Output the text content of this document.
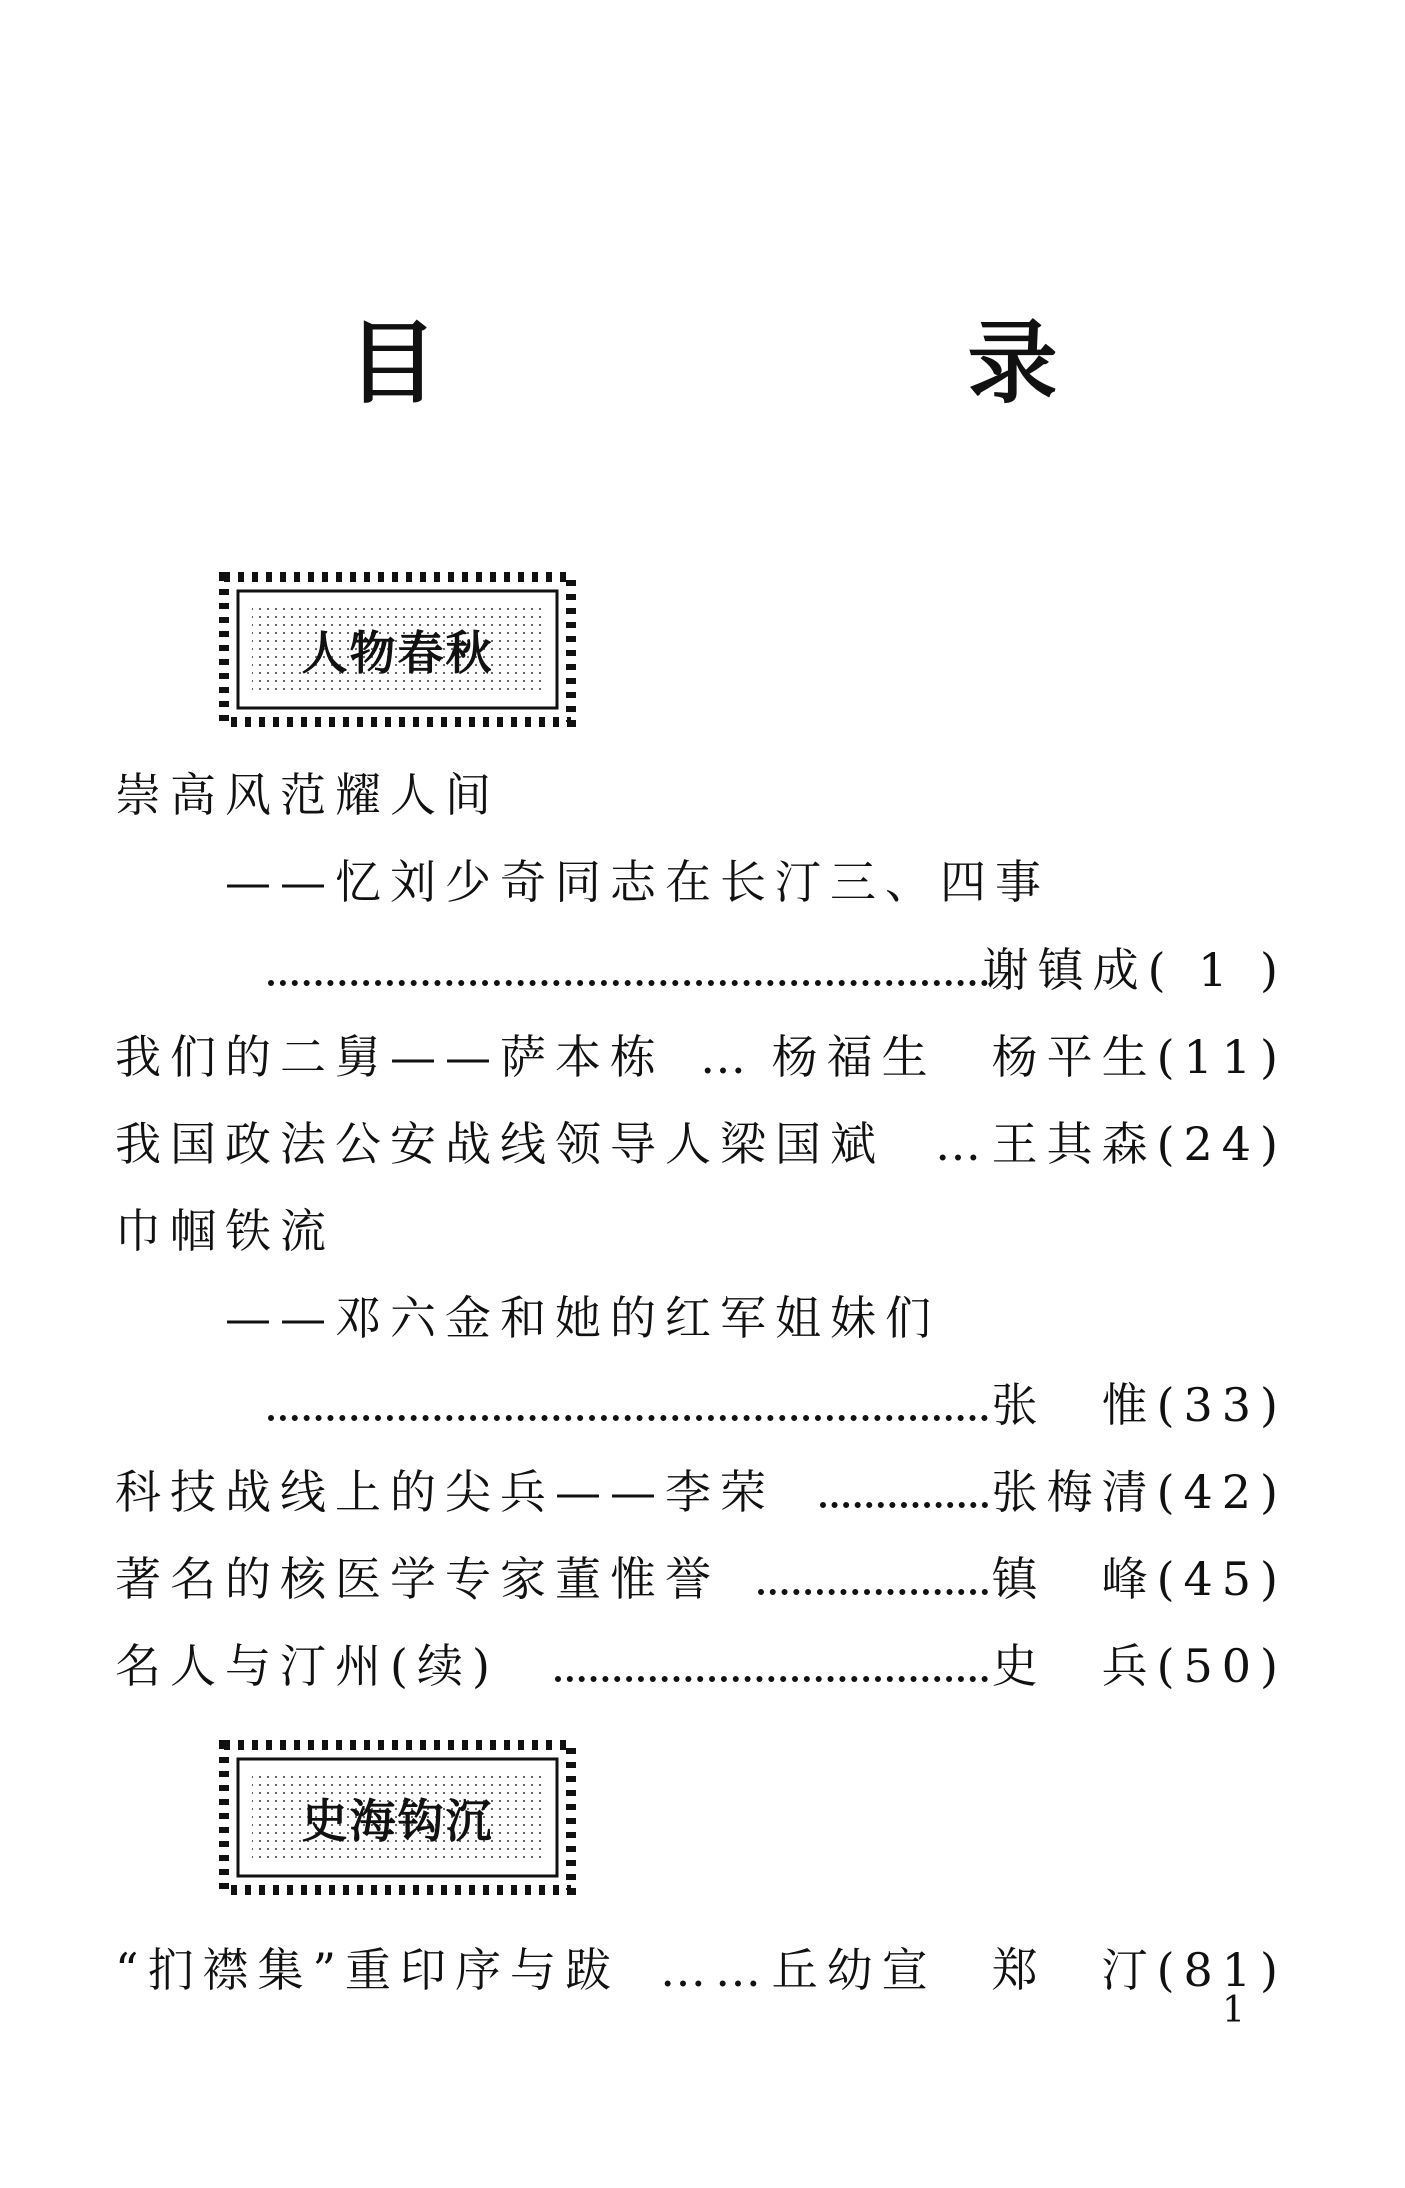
目　录
人物春秋
崇高风范耀人间
——忆刘少奇同志在长汀三、四事
谢镇成( 1 )
我们的二舅——萨本栋 … 杨福生　杨平生(11)
我国政法公安战线领导人梁国斌 … 王其森(24)
巾帼铁流
——邓六金和她的红军姐妹们
张　惟(33)
科技战线上的尖兵——李荣	张梅清(42)
著名的核医学专家董惟誉	镇　峰(45)
名人与汀州(续)	史　兵(50)
史海钩沉
“扪襟集”重印序与跋 …… 丘幼宣　郑　汀(81)
1
